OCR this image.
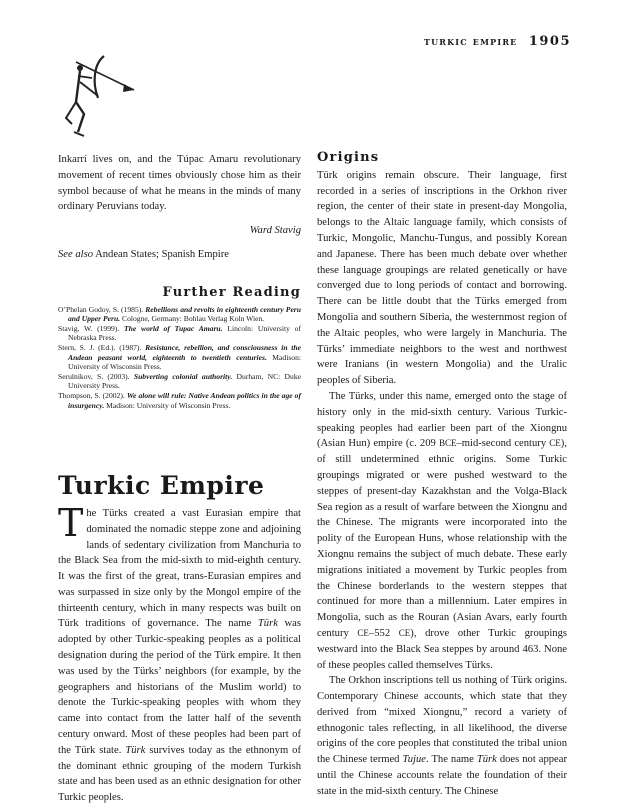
turkic empire 1905

Inkarrí lives on, and the Túpac Amaru revolutionary movement of recent times obviously chose him as their symbol because of what he means in the minds of many ordinary Peruvians today.

Ward Stavig

See also Andean States; Spanish Empire

Further Reading

O’Phelan Godoy, S. (1985). Rebellions and revolts in eighteenth century Peru and Upper Peru. Cologne, Germany: Bohlau Verlag Koln Wien.

Stavig, W. (1999). The world of Tupac Amaru. Lincoln: University of Nebraska Press.

Stern, S. J. (Ed.). (1987). Resistance, rebellion, and consciousness in the Andean peasant world, eighteenth to twentieth centuries. Madison: University of Wisconsin Press.

Serulnikov, S. (2003). Subverting colonial authority. Durham, NC: Duke University Press.

Thompson, S. (2002). We alone will rule: Native Andean politics in the age of insurgency. Madison: University of Wisconsin Press.

Turkic Empire

The Türks created a vast Eurasian empire that dominated the nomadic steppe zone and adjoining lands of sedentary civilization from Manchuria to the Black Sea from the mid-sixth to mid-eighth century. It was the first of the great, trans-Eurasian empires and was surpassed in size only by the Mongol empire of the thirteenth century, which in many respects was built on Türk traditions of governance. The name Türk was adopted by other Turkic-speaking peoples as a political designation during the period of the Türk empire. It then was used by the Türks’ neighbors (for example, by the geographers and historians of the Muslim world) to denote the Turkic-speaking peoples with whom they came into contact from the latter half of the seventh century onward. Most of these peoples had been part of the Türk state. Türk survives today as the ethnonym of the dominant ethnic grouping of the modern Turkish state and has been used as an ethnic designation for other Turkic peoples.

Origins

Türk origins remain obscure. Their language, first recorded in a series of inscriptions in the Orkhon river region, the center of their state in present-day Mongolia, belongs to the Altaic language family, which consists of Turkic, Mongolic, Manchu-Tungus, and possibly Korean and Japanese. There has been much debate over whether these language groupings are related genetically or have converged due to long periods of contact and borrowing. There can be little doubt that the Türks emerged from Mongolia and southern Siberia, the westernmost region of the Altaic peoples, who were largely in Manchuria. The Türks’ immediate neighbors to the west and northwest were Iranians (in western Mongolia) and the Uralic peoples of Siberia.

The Türks, under this name, emerged onto the stage of history only in the mid-sixth century. Various Turkic-speaking peoples had earlier been part of the Xiongnu (Asian Hun) empire (c. 209 BCE–mid-second century CE), of still undetermined ethnic origins. Some Turkic groupings migrated or were pushed westward to the steppes of present-day Kazakhstan and the Volga-Black Sea region as a result of warfare between the Xiongnu and the Chinese. The migrants were incorporated into the polity of the European Huns, whose relationship with the Xiongnu remains the subject of much debate. These early migrations initiated a movement by Turkic peoples from the Chinese borderlands to the western steppes that continued for more than a millennium. Later empires in Mongolia, such as the Rouran (Asian Avars, early fourth century CE–552 CE), drove other Turkic groupings westward into the Black Sea steppes by around 463. None of these peoples called themselves Türks.

The Orkhon inscriptions tell us nothing of Türk origins. Contemporary Chinese accounts, which state that they derived from “mixed Xiongnu,” record a variety of ethnogonic tales reflecting, in all likelihood, the diverse origins of the core peoples that constituted the tribal union the Chinese termed Tujue. The name Türk does not appear until the Chinese accounts relate the foundation of their state in the mid-sixth century. The Chinese
